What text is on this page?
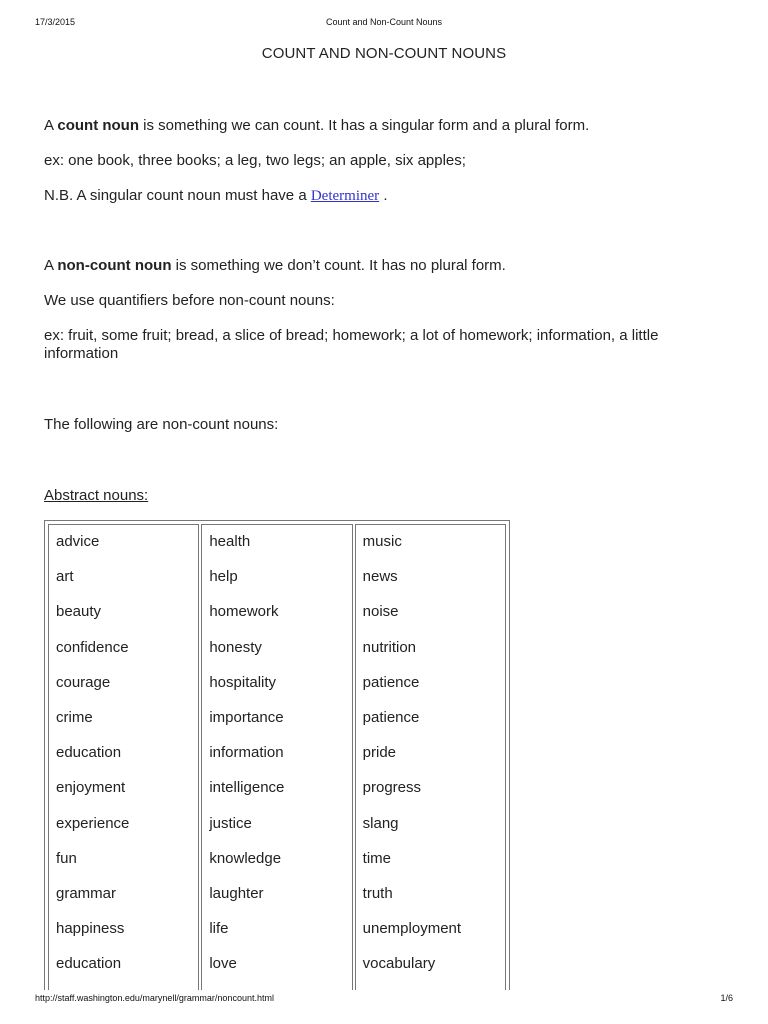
17/3/2015	Count and Non-Count Nouns
COUNT AND NON-COUNT NOUNS

A count noun is something we can count. It has a singular form and a plural form.

ex: one book, three books; a leg, two legs; an apple, six apples;

N.B. A singular count noun must have a Determiner .

A non-count noun is something we don’t count. It has no plural form.

We use quantifiers before non-count nouns:

ex: fruit, some fruit; bread, a slice of bread; homework; a lot of homework; information, a little information

The following are non-count nouns:

Abstract nouns:

advice
art
beauty
confidence
courage
crime
education
enjoyment
experience
fun
grammar
happiness
education
health
help
homework
honesty
hospitality
importance
information
intelligence
justice
knowledge
laughter
life
love
music
news
noise
nutrition
patience
patience
pride
progress
slang
time
truth
unemployment
vocabulary
http://staff.washington.edu/marynell/grammar/noncount.html	1/6
